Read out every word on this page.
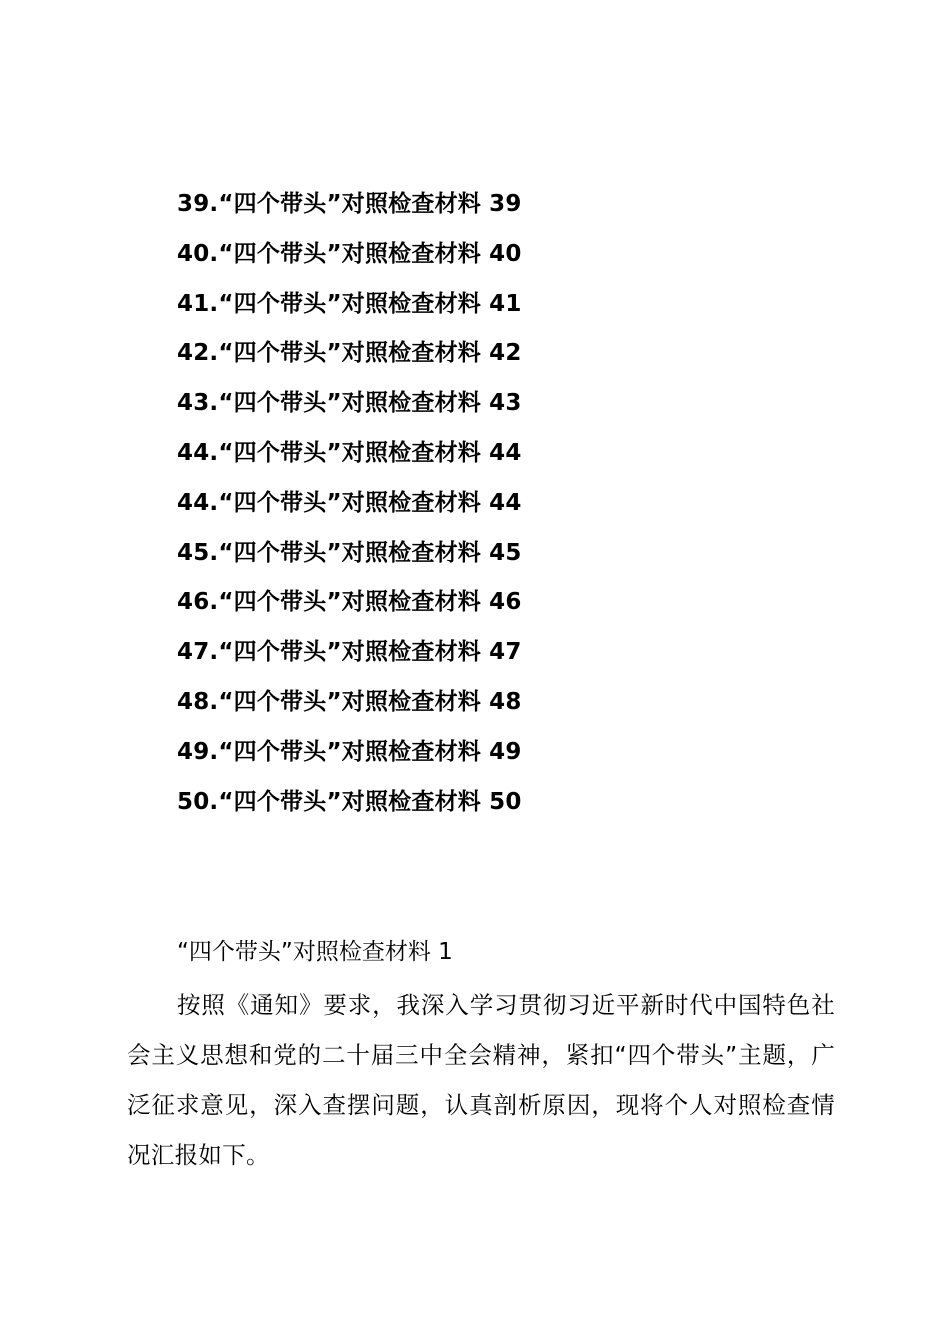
39.“四个带头”对照检查材料 39
40.“四个带头”对照检查材料 40
41.“四个带头”对照检查材料 41
42.“四个带头”对照检查材料 42
43.“四个带头”对照检查材料 43
44.“四个带头”对照检查材料 44
44.“四个带头”对照检查材料 44
45.“四个带头”对照检查材料 45
46.“四个带头”对照检查材料 46
47.“四个带头”对照检查材料 47
48.“四个带头”对照检查材料 48
49.“四个带头”对照检查材料 49
50.“四个带头”对照检查材料 50
“四个带头”对照检查材料 1

按照《通知》要求，我深入学习贯彻习近平新时代中国特色社会主义思想和党的二十届三中全会精神，紧扣“四个带头”主题，广泛征求意见，深入查摆问题，认真剖析原因，现将个人对照检查情况汇报如下。
